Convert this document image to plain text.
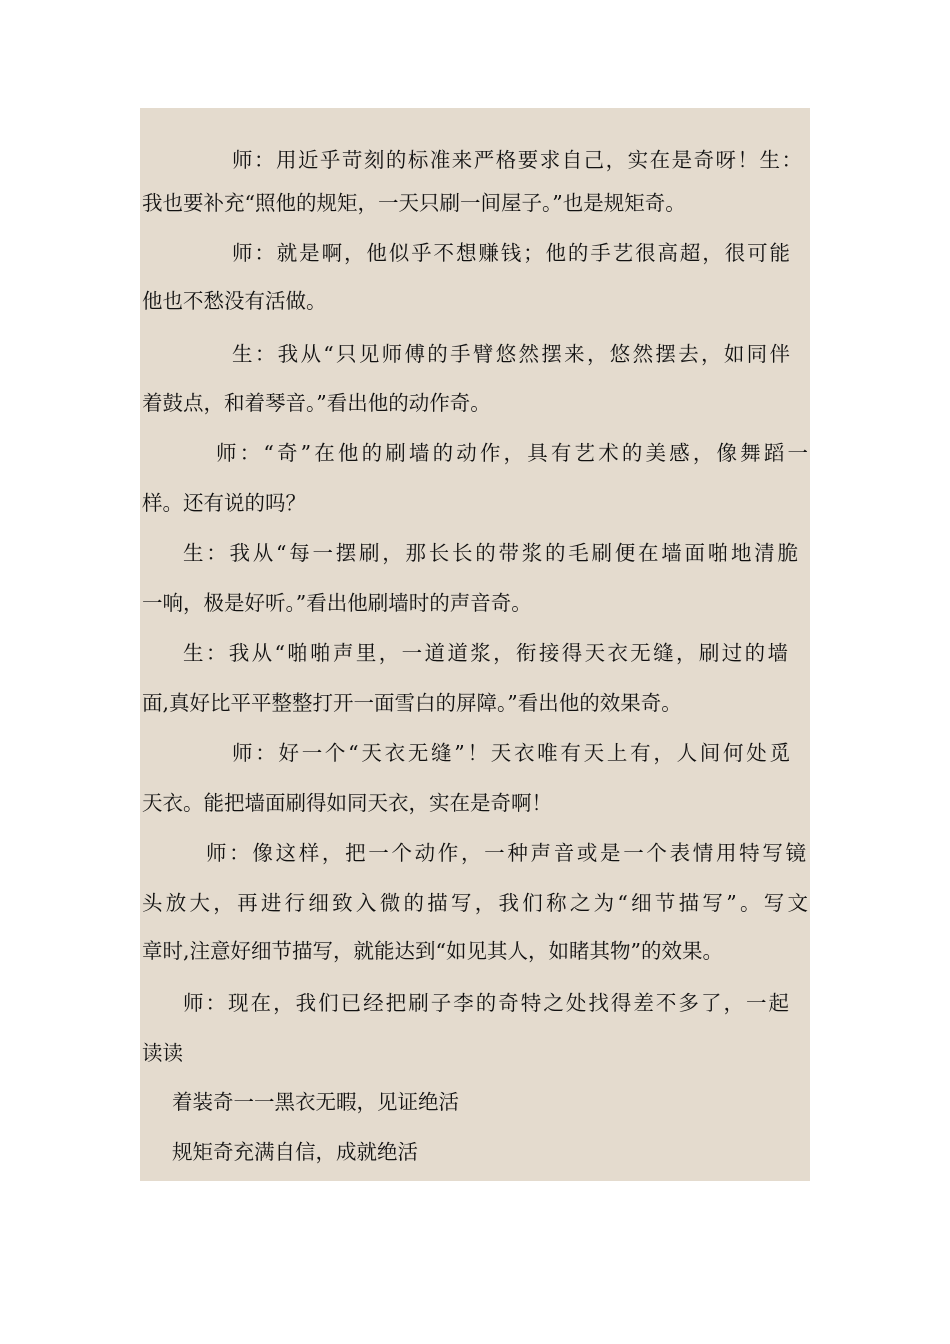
师：用近乎苛刻的标准来严格要求自己，实在是奇呀！生：
我也要补充“照他的规矩，一天只刷一间屋子。”也是规矩奇。
师：就是啊，他似乎不想赚钱；他的手艺很高超，很可能
他也不愁没有活做。
生：我从“只见师傅的手臂悠然摆来，悠然摆去，如同伴
着鼓点，和着琴音。”看出他的动作奇。
师：“奇”在他的刷墙的动作，具有艺术的美感，像舞蹈一
样。还有说的吗？
生：我从“每一摆刷，那长长的带浆的毛刷便在墙面啪地清脆
一响，极是好听。”看出他刷墙时的声音奇。
生：我从“啪啪声里，一道道浆，衔接得天衣无缝，刷过的墙
面,真好比平平整整打开一面雪白的屏障。”看出他的效果奇。
师：好一个“天衣无缝”！天衣唯有天上有，人间何处觅
天衣。能把墙面刷得如同天衣，实在是奇啊！
师：像这样，把一个动作，一种声音或是一个表情用特写镜
头放大，再进行细致入微的描写，我们称之为“细节描写”。写文
章时,注意好细节描写，就能达到“如见其人，如睹其物”的效果。
师：现在，我们已经把刷子李的奇特之处找得差不多了，一起
读读
着装奇一一黑衣无暇，见证绝活
规矩奇充满自信，成就绝活
